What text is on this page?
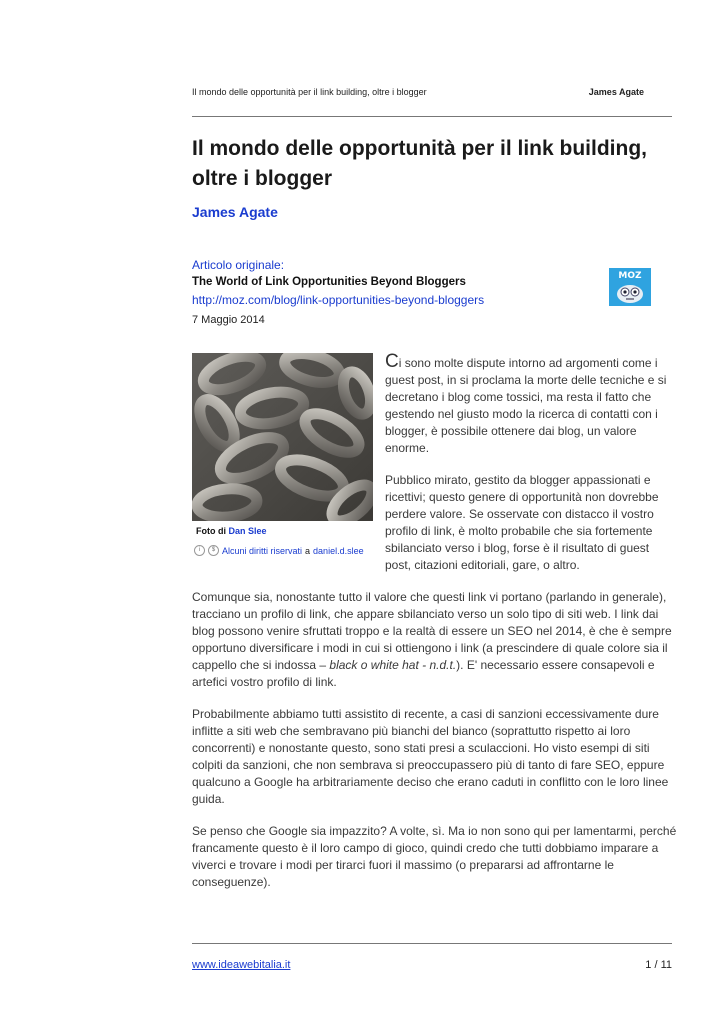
Il mondo delle opportunità per il link building, oltre i blogger	James Agate
Il mondo delle opportunità per il link building, oltre i blogger
James Agate
Articolo originale:
The World of Link Opportunities Beyond Bloggers
http://moz.com/blog/link-opportunities-beyond-bloggers
7 Maggio 2014
MOZ
Foto di Dan Slee
i	$ Alcuni diritti riservati a daniel.d.slee
Ci sono molte dispute intorno ad argomenti come i guest post, in si proclama la morte delle tecniche e si decretano i blog come tossici, ma resta il fatto che gestendo nel giusto modo la ricerca di contatti con i blogger, è possibile ottenere dai blog, un valore enorme.
Pubblico mirato, gestito da blogger appassionati e ricettivi; questo genere di opportunità non dovrebbe perdere valore. Se osservate con distacco il vostro profilo di link, è molto probabile che sia fortemente sbilanciato verso i blog, forse è il risultato di guest post, citazioni editoriali, gare, o altro.
Comunque sia, nonostante tutto il valore che questi link vi portano (parlando in generale), tracciano un profilo di link, che appare sbilanciato verso un solo tipo di siti web. I link dai blog possono venire sfruttati troppo e la realtà di essere un SEO nel 2014, è che è sempre opportuno diversificare i modi in cui si ottiengono i link (a prescindere di quale colore sia il cappello che si indossa – black o white hat - n.d.t.). E' necessario essere consapevoli e artefici vostro profilo di link.
Probabilmente abbiamo tutti assistito di recente, a casi di sanzioni eccessivamente dure inflitte a siti web che sembravano più bianchi del bianco (soprattutto rispetto ai loro concorrenti) e nonostante questo, sono stati presi a sculaccioni. Ho visto esempi di siti colpiti da sanzioni, che non sembrava si preoccupassero più di tanto di fare SEO, eppure qualcuno a Google ha arbitrariamente deciso che erano caduti in conflitto con le loro linee guida.
Se penso che Google sia impazzito? A volte, sì. Ma io non sono qui per lamentarmi, perché francamente questo è il loro campo di gioco, quindi credo che tutti dobbiamo imparare a viverci e trovare i modi per tirarci fuori il massimo (o prepararsi ad affrontarne le conseguenze).
www.ideawebitalia.it	1 / 11
